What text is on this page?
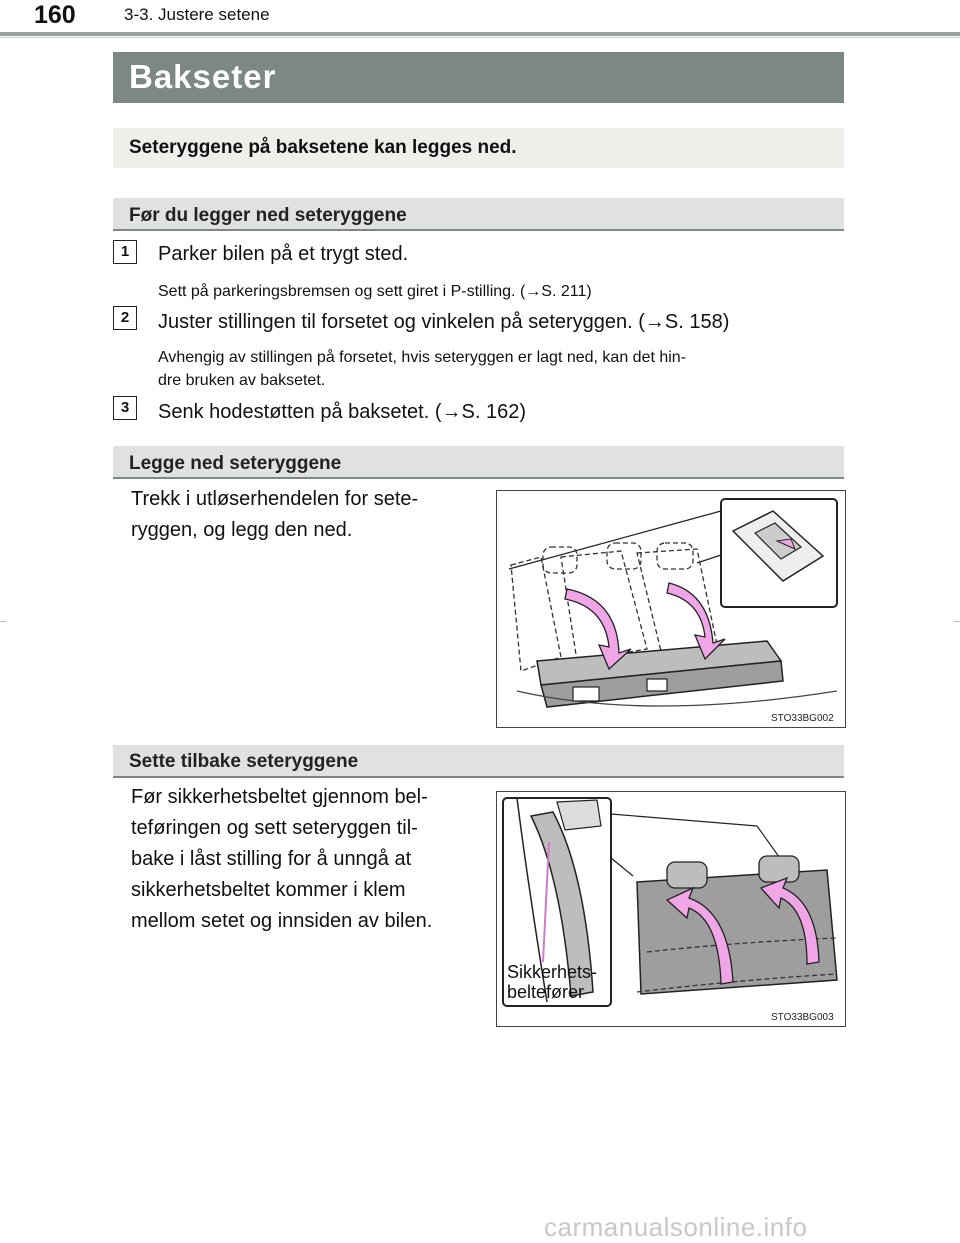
160	3-3. Justere setene
Bakseter
Seteryggene på baksetene kan legges ned.
Før du legger ned seteryggene
1	Parker bilen på et trygt sted.
Sett på parkeringsbremsen og sett giret i P-stilling. (→S. 211)
2	Juster stillingen til forsetet og vinkelen på seteryggen. (→S. 158)
Avhengig av stillingen på forsetet, hvis seteryggen er lagt ned, kan det hin-
dre bruken av baksetet.
3	Senk hodestøtten på baksetet. (→S. 162)
Legge ned seteryggene
Trekk i utløserhendelen for sete-
ryggen, og legg den ned.
STO33BG002
Sette tilbake seteryggene
Før sikkerhetsbeltet gjennom bel-
teføringen og sett seteryggen til-
bake i låst stilling for å unngå at
sikkerhetsbeltet kommer i klem
mellom setet og innsiden av bilen.
Sikkerhets-
beltefører
STO33BG003
carmanualsonline.info
